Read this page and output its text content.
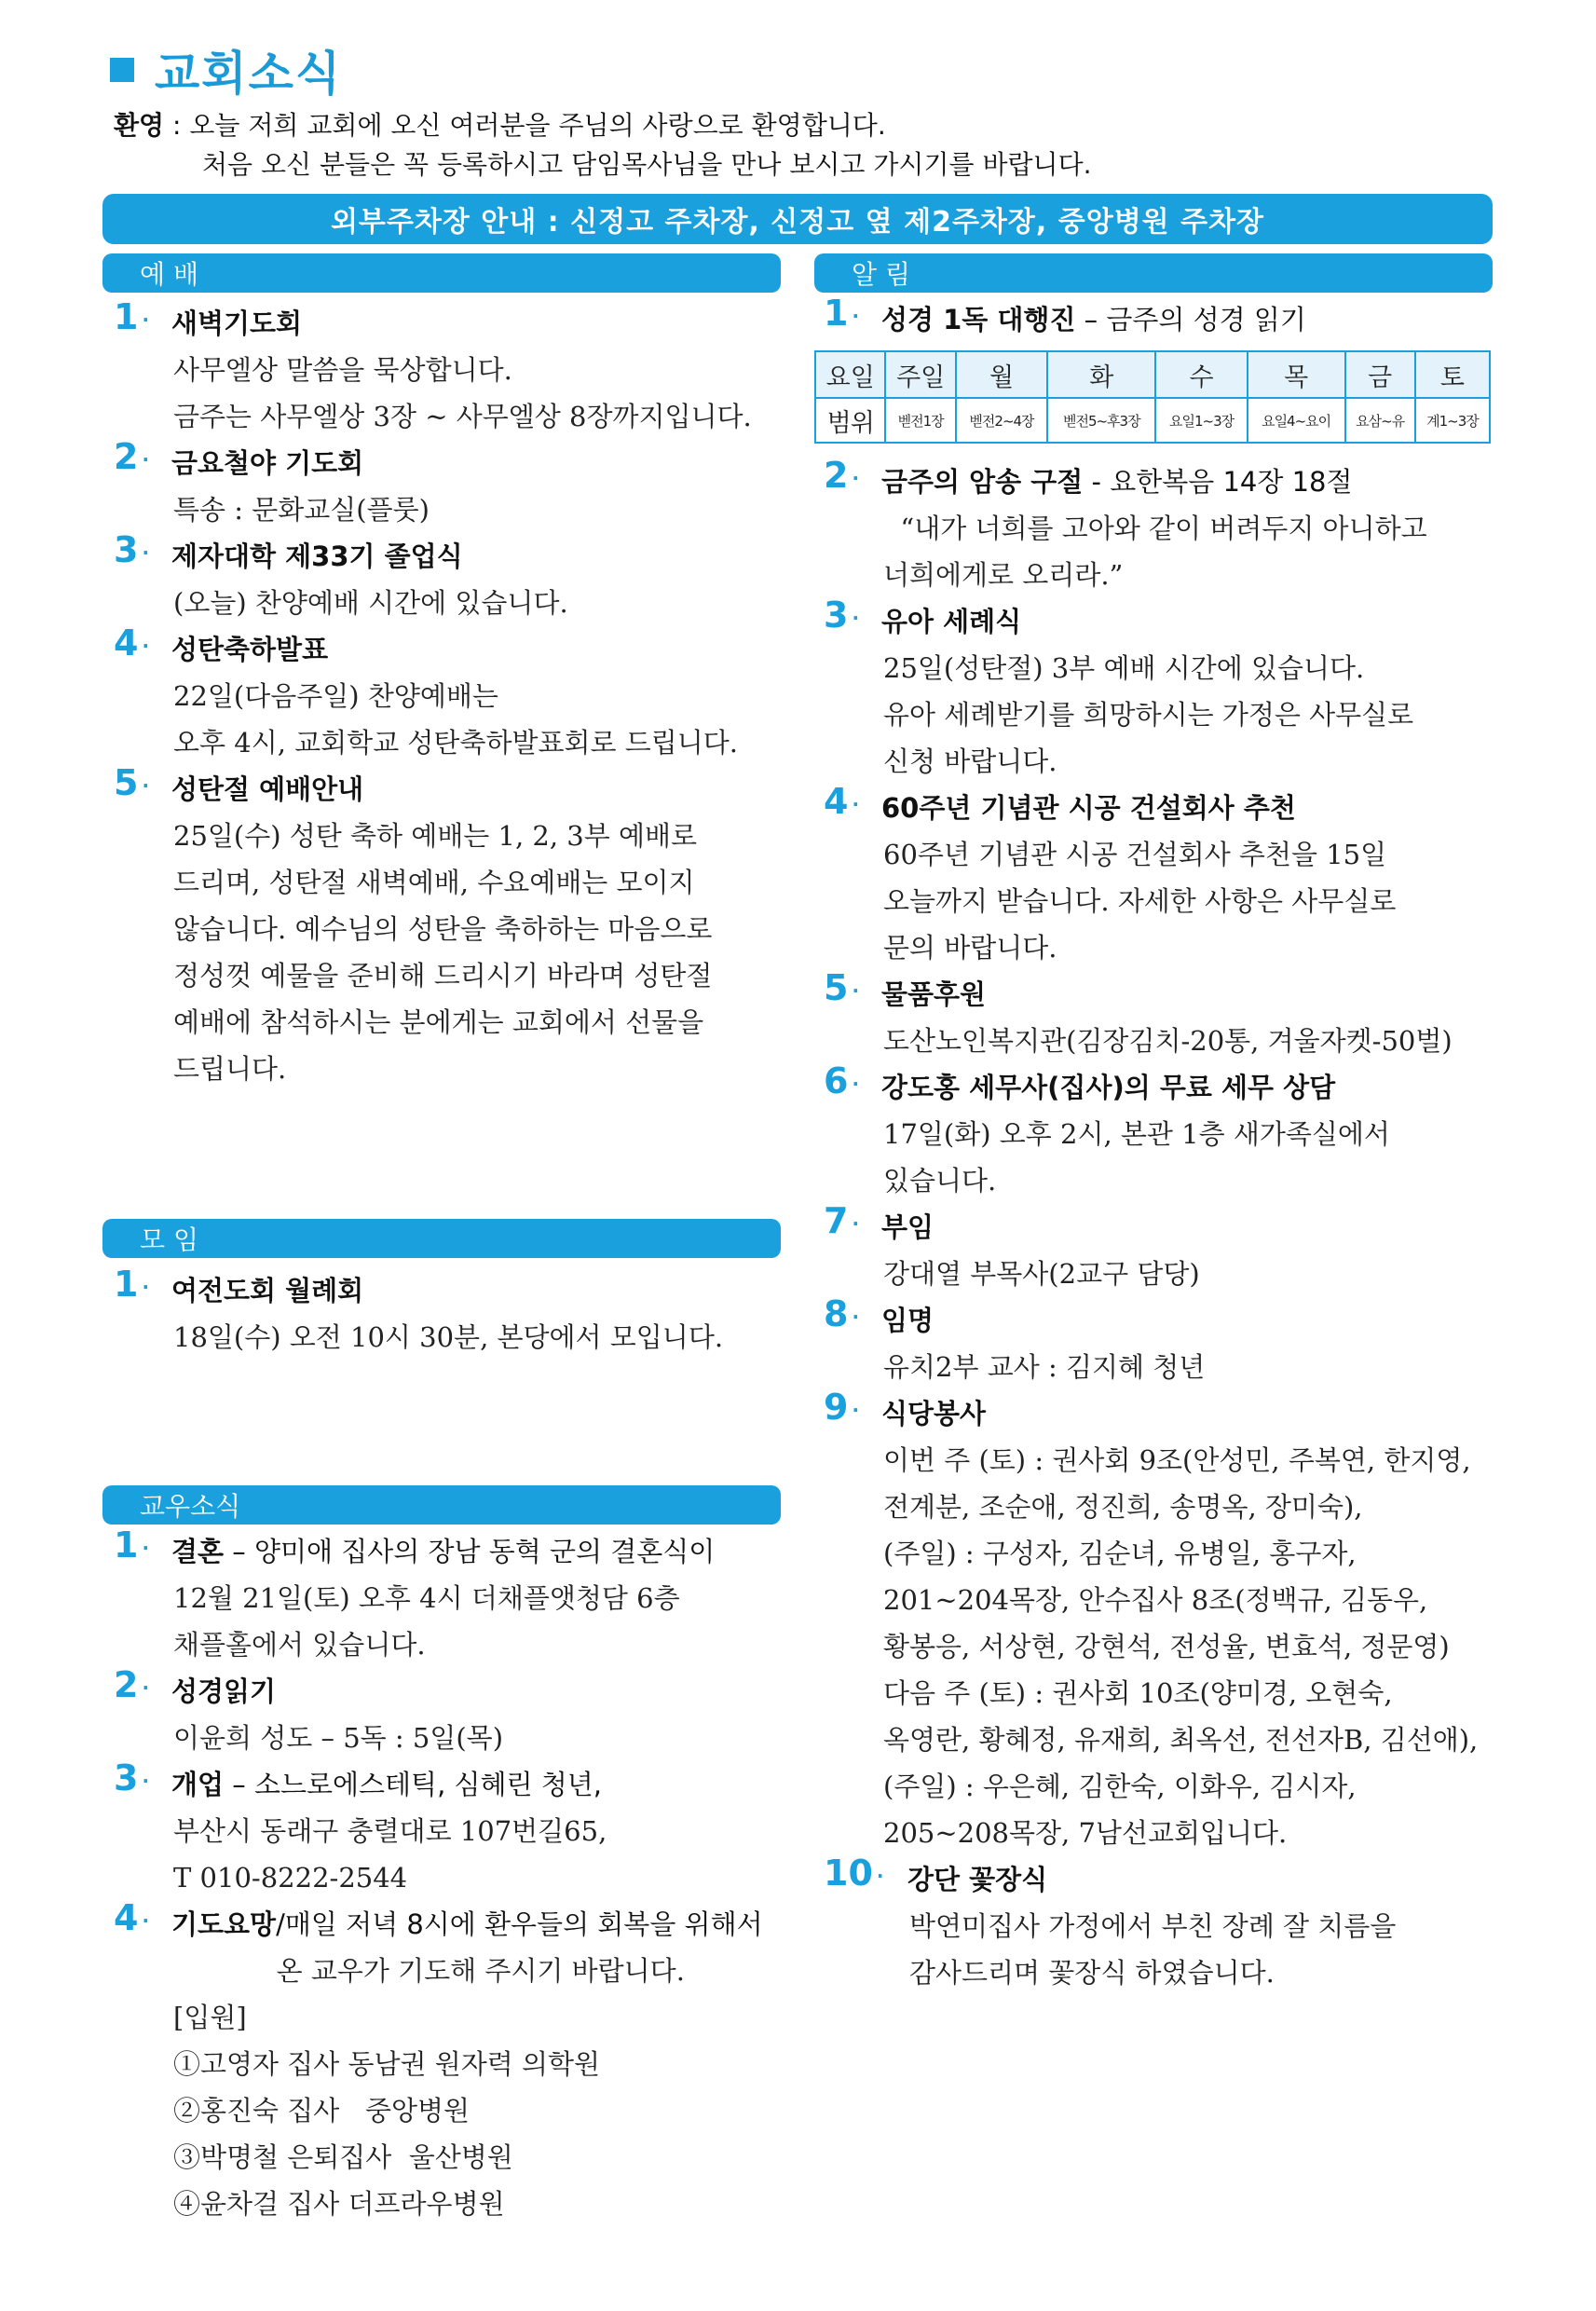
교회소식
환영 : 오늘 저희 교회에 오신 여러분을 주님의 사랑으로 환영합니다.
처음 오신 분들은 꼭 등록하시고 담임목사님을 만나 보시고 가시기를 바랍니다.
외부주차장 안내 : 신정고 주차장, 신정고 옆 제2주차장, 중앙병원 주차장
예 배
1 · 새벽기도회
사무엘상 말씀을 묵상합니다.
금주는 사무엘상 3장 ~ 사무엘상 8장까지입니다.
2 · 금요철야 기도회
특송 : 문화교실(플룻)
3 · 제자대학 제33기 졸업식
(오늘) 찬양예배 시간에 있습니다.
4 · 성탄축하발표
22일(다음주일) 찬양예배는
오후 4시, 교회학교 성탄축하발표회로 드립니다.
5 · 성탄절 예배안내
25일(수) 성탄 축하 예배는 1, 2, 3부 예배로
드리며, 성탄절 새벽예배, 수요예배는 모이지
않습니다. 예수님의 성탄을 축하하는 마음으로
정성껏 예물을 준비해 드리시기 바라며 성탄절
예배에 참석하시는 분에게는 교회에서 선물을
드립니다.
모 임
1 · 여전도회 월례회
18일(수) 오전 10시 30분, 본당에서 모입니다.
교우소식
1 · 결혼 – 양미애 집사의 장남 동혁 군의 결혼식이
12월 21일(토) 오후 4시 더채플앳청담 6층
채플홀에서 있습니다.
2 · 성경읽기
이윤희 성도 – 5독 : 5일(목)
3 · 개업 – 소느로에스테틱, 심혜린 청년,
부산시 동래구 충렬대로 107번길65,
T 010-8222-2544
4 · 기도요망/매일 저녁 8시에 환우들의 회복을 위해서
온 교우가 기도해 주시기 바랍니다.
[입원]
①고영자 집사 동남권 원자력 의학원
②홍진숙 집사   중앙병원
③박명철 은퇴집사  울산병원
④윤차걸 집사 더프라우병원
알 림
1 · 성경 1독 대행진 – 금주의 성경 읽기
요일	주일	월	화	수	목	금	토
범위	벧전1장	벧전2~4장	벧전5~후3장	요일1~3장	요일4~요이	요삼~유	계1~3장
2 · 금주의 암송 구절 - 요한복음 14장 18절
“내가 너희를 고아와 같이 버려두지 아니하고
너희에게로 오리라.”
3 · 유아 세례식
25일(성탄절) 3부 예배 시간에 있습니다.
유아 세례받기를 희망하시는 가정은 사무실로
신청 바랍니다.
4 · 60주년 기념관 시공 건설회사 추천
60주년 기념관 시공 건설회사 추천을 15일
오늘까지 받습니다. 자세한 사항은 사무실로
문의 바랍니다.
5 · 물품후원
도산노인복지관(김장김치-20통, 겨울자켓-50벌)
6 · 강도홍 세무사(집사)의 무료 세무 상담
17일(화) 오후 2시, 본관 1층 새가족실에서
있습니다.
7 · 부임
강대열 부목사(2교구 담당)
8 · 임명
유치2부 교사 : 김지혜 청년
9 · 식당봉사
이번 주 (토) : 권사회 9조(안성민, 주복연, 한지영,
전계분, 조순애, 정진희, 송명옥, 장미숙),
(주일) : 구성자, 김순녀, 유병일, 홍구자,
201~204목장, 안수집사 8조(정백규, 김동우,
황봉응, 서상현, 강현석, 전성율, 변효석, 정문영)
다음 주 (토) : 권사회 10조(양미경, 오현숙,
옥영란, 황혜정, 유재희, 최옥선, 전선자B, 김선애),
(주일) : 우은혜, 김한숙, 이화우, 김시자,
205~208목장, 7남선교회입니다.
10 · 강단 꽃장식
박연미집사 가정에서 부친 장례 잘 치름을
감사드리며 꽃장식 하였습니다.
